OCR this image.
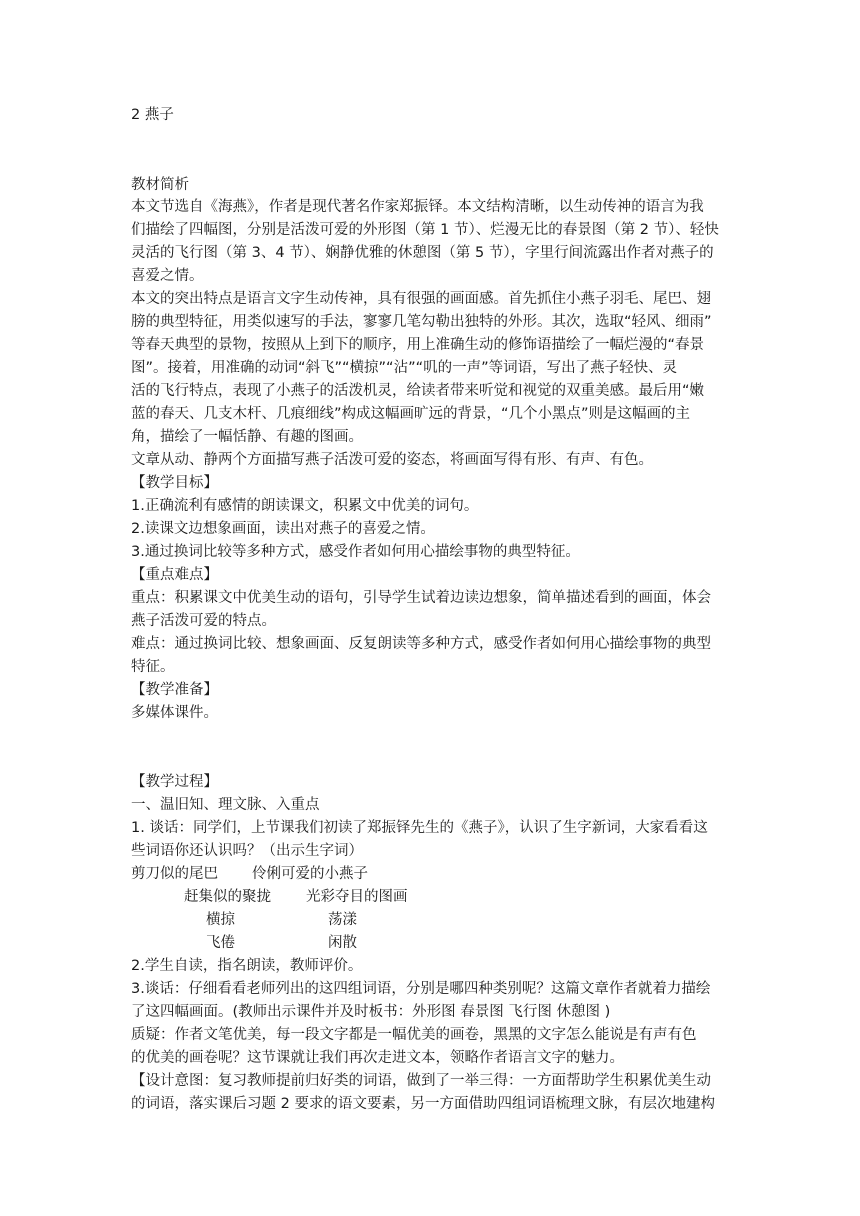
2 燕子
教材简析
本文节选自《海燕》，作者是现代著名作家郑振铎。本文结构清晰，以生动传神的语言为我
们描绘了四幅图，分别是活泼可爱的外形图（第 1 节）、烂漫无比的春景图（第 2 节）、轻快
灵活的飞行图（第 3、4 节）、娴静优雅的休憩图（第 5 节），字里行间流露出作者对燕子的
喜爱之情。
本文的突出特点是语言文字生动传神，具有很强的画面感。首先抓住小燕子羽毛、尾巴、翅
膀的典型特征，用类似速写的手法，寥寥几笔勾勒出独特的外形。其次，选取“轻风、细雨”
等春天典型的景物，按照从上到下的顺序，用上准确生动的修饰语描绘了一幅烂漫的“春景
图”。接着，用准确的动词“斜飞”“横掠”“沾”“叽的一声”等词语，写出了燕子轻快、灵
活的飞行特点，表现了小燕子的活泼机灵，给读者带来听觉和视觉的双重美感。最后用“嫩
蓝的春天、几支木杆、几痕细线”构成这幅画旷远的背景，“几个小黑点”则是这幅画的主
角，描绘了一幅恬静、有趣的图画。
文章从动、静两个方面描写燕子活泼可爱的姿态，将画面写得有形、有声、有色。
【教学目标】
1.正确流利有感情的朗读课文，积累文中优美的词句。
2.读课文边想象画面，读出对燕子的喜爱之情。
3.通过换词比较等多种方式，感受作者如何用心描绘事物的典型特征。
【重点难点】
重点：积累课文中优美生动的语句，引导学生试着边读边想象，简单描述看到的画面，体会
燕子活泼可爱的特点。
难点：通过换词比较、想象画面、反复朗读等多种方式，感受作者如何用心描绘事物的典型
特征。
【教学准备】
多媒体课件。
【教学过程】
一、温旧知、理文脉、入重点
1. 谈话：同学们，上节课我们初读了郑振铎先生的《燕子》，认识了生字新词，大家看看这
些词语你还认识吗？（出示生字词）
剪刀似的尾巴 伶俐可爱的小燕子
赶集似的聚拢 光彩夺目的图画
横掠	荡漾
飞倦	闲散
2.学生自读，指名朗读，教师评价。
3.谈话：仔细看看老师列出的这四组词语，分别是哪四种类别呢？这篇文章作者就着力描绘
了这四幅画面。(教师出示课件并及时板书：外形图 春景图 飞行图 休憩图 )
质疑：作者文笔优美，每一段文字都是一幅优美的画卷，黑黑的文字怎么能说是有声有色
的优美的画卷呢？这节课就让我们再次走进文本，领略作者语言文字的魅力。
【设计意图：复习教师提前归好类的词语，做到了一举三得：一方面帮助学生积累优美生动
的词语，落实课后习题 2 要求的语文要素，另一方面借助四组词语梳理文脉，有层次地建构
